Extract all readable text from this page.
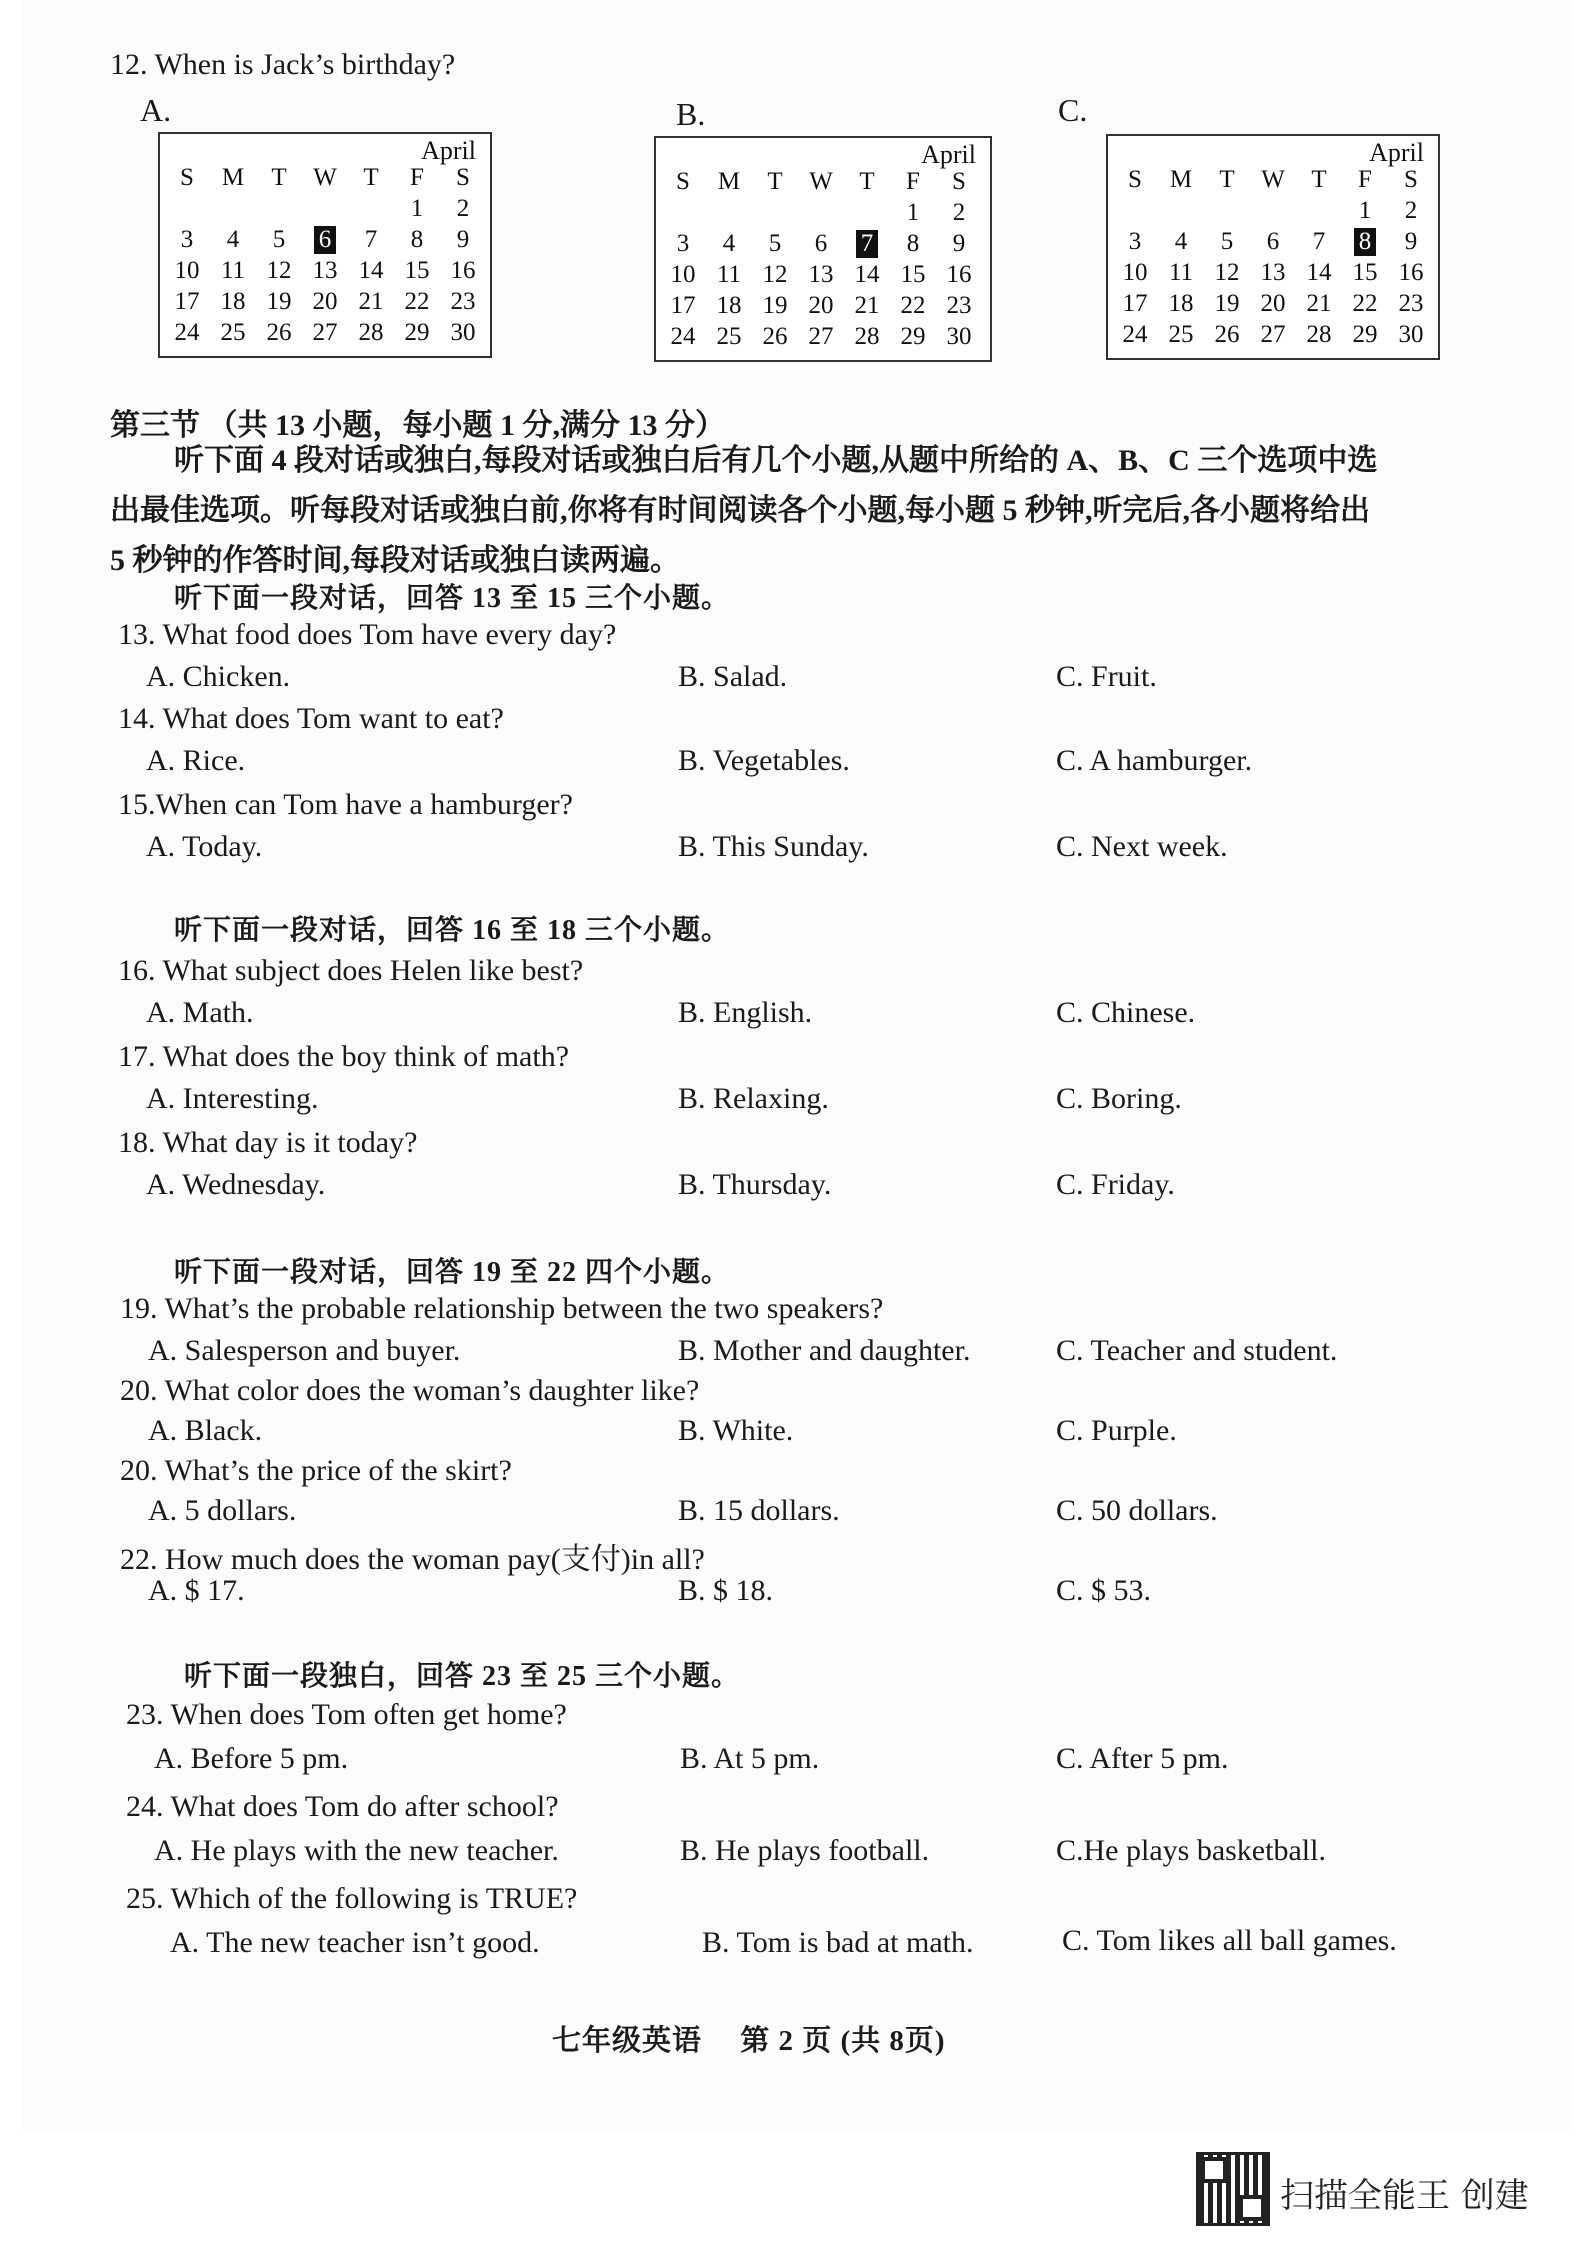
12. When is Jack’s birthday?
A.	B.	C.
April
S	M	T	W	T	F	S
					1	2
3	4	5	6	7	8	9
10	11	12	13	14	15	16
17	18	19	20	21	22	23
24	25	26	27	28	29	30
April
S	M	T	W	T	F	S
					1	2
3	4	5	6	7	8	9
10	11	12	13	14	15	16
17	18	19	20	21	22	23
24	25	26	27	28	29	30
April
S	M	T	W	T	F	S
					1	2
3	4	5	6	7	8	9
10	11	12	13	14	15	16
17	18	19	20	21	22	23
24	25	26	27	28	29	30
第三节 （共 13 小题，每小题 1 分,满分 13 分）
听下面 4 段对话或独白,每段对话或独白后有几个小题,从题中所给的 A、B、C 三个选项中选
出最佳选项。听每段对话或独白前,你将有时间阅读各个小题,每小题 5 秒钟,听完后,各小题将给出
5 秒钟的作答时间,每段对话或独白读两遍。
听下面一段对话，回答 13 至 15 三个小题。
13. What food does Tom have every day?
A. Chicken.	B. Salad.	C. Fruit.
14. What does Tom want to eat?
A. Rice.	B. Vegetables.	C. A hamburger.
15.When can Tom have a hamburger?
A. Today.	B. This Sunday.	C. Next week.
听下面一段对话，回答 16 至 18 三个小题。
16. What subject does Helen like best?
A. Math.	B. English.	C. Chinese.
17. What does the boy think of math?
A. Interesting.	B. Relaxing.	C. Boring.
18. What day is it today?
A. Wednesday.	B. Thursday.	C. Friday.
听下面一段对话，回答 19 至 22 四个小题。
19. What’s the probable relationship between the two speakers?
A. Salesperson and buyer.	B. Mother and daughter.	C. Teacher and student.
20. What color does the woman’s daughter like?
A. Black.	B. White.	C. Purple.
20. What’s the price of the skirt?
A. 5 dollars.	B. 15 dollars.	C. 50 dollars.
22. How much does the woman pay(支付)in all?
A. $ 17.	B. $ 18.	C. $ 53.
听下面一段独白，回答 23 至 25 三个小题。
23. When does Tom often get home?
A. Before 5 pm.	B. At 5 pm.	C. After 5 pm.
24. What does Tom do after school?
A. He plays with the new teacher.	B. He plays football.	C.He plays basketball.
25. Which of the following is TRUE?
A. The new teacher isn’t good.	B. Tom is bad at math.	C. Tom likes all ball games.
七年级英语　 第 2 页 (共 8页)
扫描全能王 创建
